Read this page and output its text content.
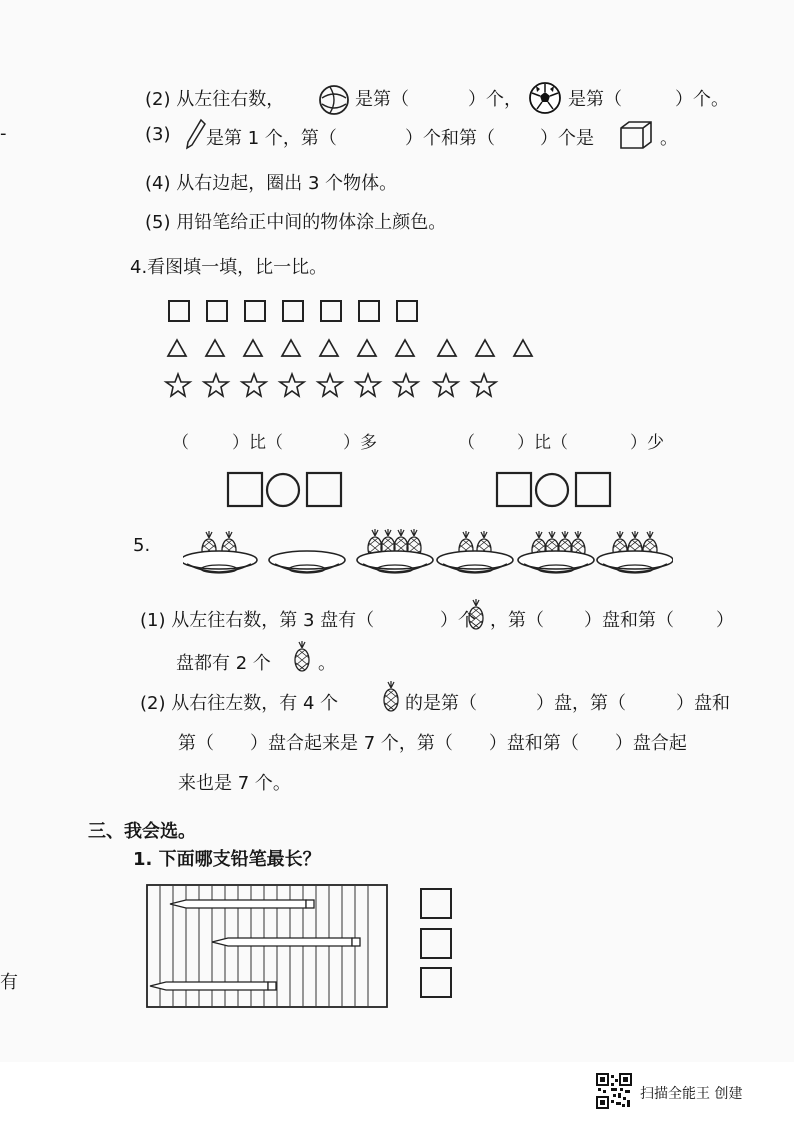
-
有
(2) 从左往右数，	是第（	）个，	是第（	）个。
(3) 是第 1 个，第（	）个和第（	）个是	。
(4) 从右边起，圈出 3 个物体。
(5) 用铅笔给正中间的物体涂上颜色。
4.看图填一填，比一比。
（	）比（	）多	（ ）比（	）少
5.
(1) 从左往右数，第 3 盘有（	）个 ，第（ ）盘和第（ ）
盘都有 2 个	。
(2) 从右往左数，有 4 个	的是第（	）盘，第（	）盘和
第（　　）盘合起来是 7 个，第（　　）盘和第（　　）盘合起
来也是 7 个。
三、我会选。
1. 下面哪支铅笔最长？
扫描全能王 创建
